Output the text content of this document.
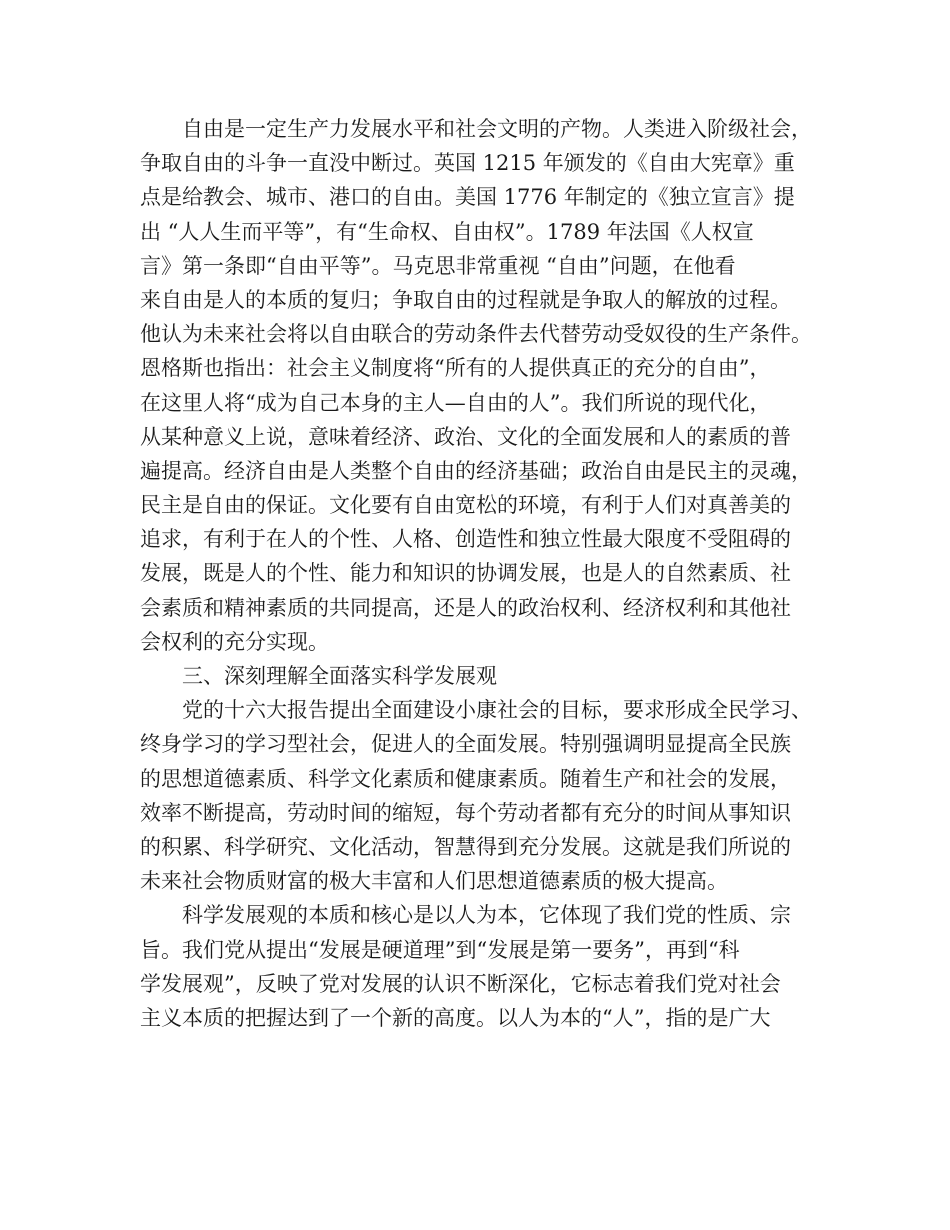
自由是一定生产力发展水平和社会文明的产物。人类进入阶级社会，
争取自由的斗争一直没中断过。英国 1215 年颁发的《自由大宪章》重
点是给教会、城市、港口的自由。美国 1776 年制定的《独立宣言》提
出 “人人生而平等”，有“生命权、自由权”。1789 年法国《人权宣
言》第一条即“自由平等”。马克思非常重视 “自由”问题，在他看
来自由是人的本质的复归；争取自由的过程就是争取人的解放的过程。
他认为未来社会将以自由联合的劳动条件去代替劳动受奴役的生产条件。
恩格斯也指出：社会主义制度将“所有的人提供真正的充分的自由”，
在这里人将“成为自己本身的主人—自由的人”。我们所说的现代化，
从某种意义上说，意味着经济、政治、文化的全面发展和人的素质的普
遍提高。经济自由是人类整个自由的经济基础；政治自由是民主的灵魂，
民主是自由的保证。文化要有自由宽松的环境，有利于人们对真善美的
追求，有利于在人的个性、人格、创造性和独立性最大限度不受阻碍的
发展，既是人的个性、能力和知识的协调发展，也是人的自然素质、社
会素质和精神素质的共同提高，还是人的政治权利、经济权利和其他社
会权利的充分实现。
三、深刻理解全面落实科学发展观
党的十六大报告提出全面建设小康社会的目标，要求形成全民学习、
终身学习的学习型社会，促进人的全面发展。特别强调明显提高全民族
的思想道德素质、科学文化素质和健康素质。随着生产和社会的发展，
效率不断提高，劳动时间的缩短，每个劳动者都有充分的时间从事知识
的积累、科学研究、文化活动，智慧得到充分发展。这就是我们所说的
未来社会物质财富的极大丰富和人们思想道德素质的极大提高。
科学发展观的本质和核心是以人为本，它体现了我们党的性质、宗
旨。我们党从提出“发展是硬道理”到“发展是第一要务”，再到“科
学发展观”，反映了党对发展的认识不断深化，它标志着我们党对社会
主义本质的把握达到了一个新的高度。以人为本的“人”，指的是广大
